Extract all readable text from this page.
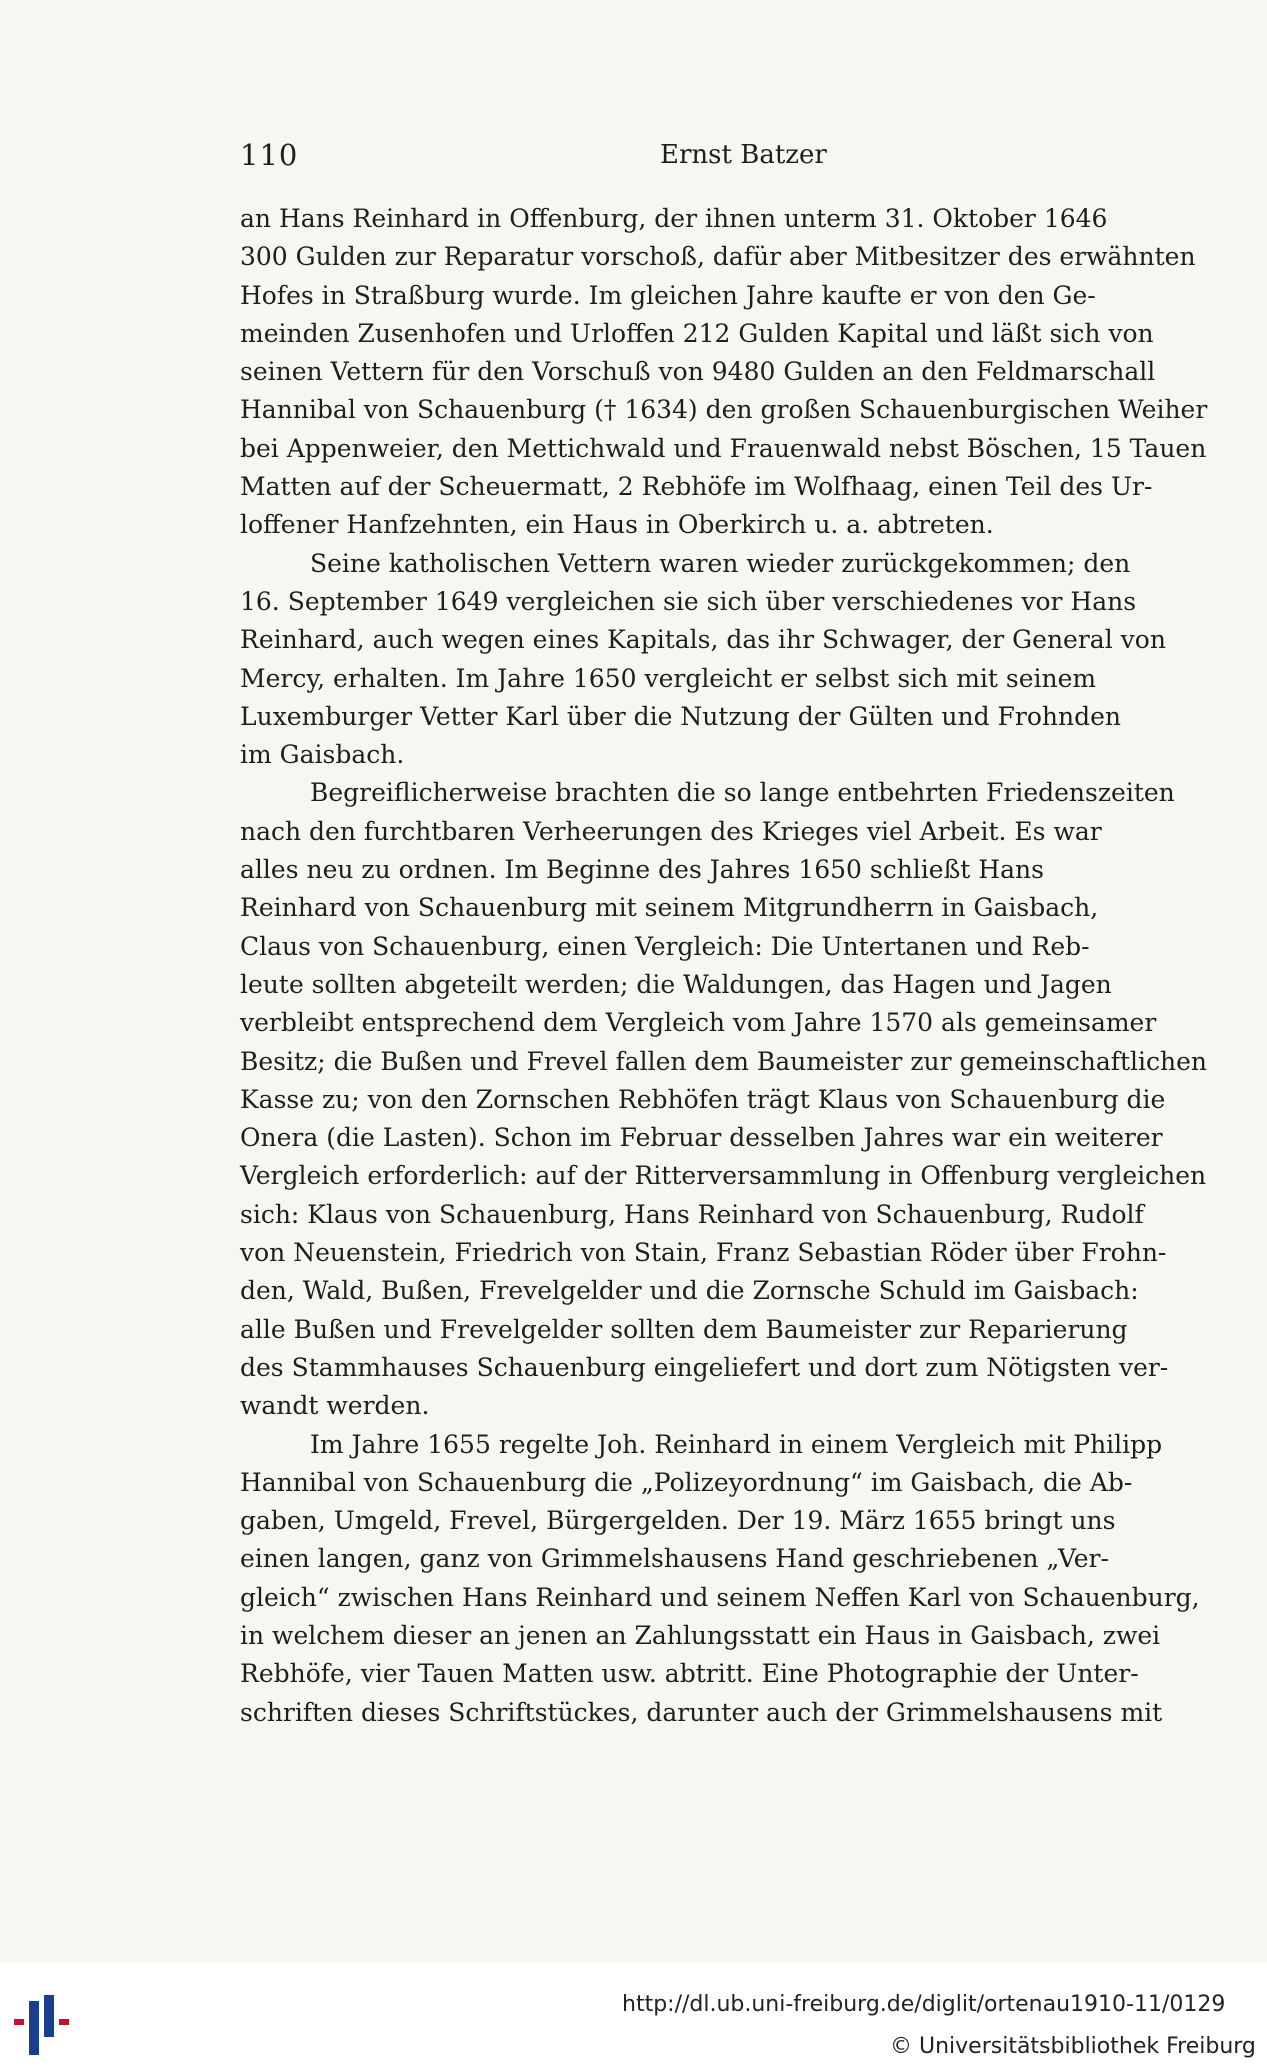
110	Ernst Batzer

an Hans Reinhard in Offenburg, der ihnen unterm 31. Oktober 1646
300 Gulden zur Reparatur vorschoß, dafür aber Mitbesitzer des erwähnten
Hofes in Straßburg wurde. Im gleichen Jahre kaufte er von den Ge-
meinden Zusenhofen und Urloffen 212 Gulden Kapital und läßt sich von
seinen Vettern für den Vorschuß von 9480 Gulden an den Feldmarschall
Hannibal von Schauenburg († 1634) den großen Schauenburgischen Weiher
bei Appenweier, den Mettichwald und Frauenwald nebst Böschen, 15 Tauen
Matten auf der Scheuermatt, 2 Rebhöfe im Wolfhaag, einen Teil des Ur-
loffener Hanfzehnten, ein Haus in Oberkirch u. a. abtreten.

Seine katholischen Vettern waren wieder zurückgekommen; den
16. September 1649 vergleichen sie sich über verschiedenes vor Hans
Reinhard, auch wegen eines Kapitals, das ihr Schwager, der General von
Mercy, erhalten. Im Jahre 1650 vergleicht er selbst sich mit seinem
Luxemburger Vetter Karl über die Nutzung der Gülten und Frohnden
im Gaisbach.

Begreiflicherweise brachten die so lange entbehrten Friedenszeiten
nach den furchtbaren Verheerungen des Krieges viel Arbeit. Es war
alles neu zu ordnen. Im Beginne des Jahres 1650 schließt Hans
Reinhard von Schauenburg mit seinem Mitgrundherrn in Gaisbach,
Claus von Schauenburg, einen Vergleich: Die Untertanen und Reb-
leute sollten abgeteilt werden; die Waldungen, das Hagen und Jagen
verbleibt entsprechend dem Vergleich vom Jahre 1570 als gemeinsamer
Besitz; die Bußen und Frevel fallen dem Baumeister zur gemeinschaftlichen
Kasse zu; von den Zornschen Rebhöfen trägt Klaus von Schauenburg die
Onera (die Lasten). Schon im Februar desselben Jahres war ein weiterer
Vergleich erforderlich: auf der Ritterversammlung in Offenburg vergleichen
sich: Klaus von Schauenburg, Hans Reinhard von Schauenburg, Rudolf
von Neuenstein, Friedrich von Stain, Franz Sebastian Röder über Frohn-
den, Wald, Bußen, Frevelgelder und die Zornsche Schuld im Gaisbach:
alle Bußen und Frevelgelder sollten dem Baumeister zur Reparierung
des Stammhauses Schauenburg eingeliefert und dort zum Nötigsten ver-
wandt werden.

Im Jahre 1655 regelte Joh. Reinhard in einem Vergleich mit Philipp
Hannibal von Schauenburg die „Polizeyordnung“ im Gaisbach, die Ab-
gaben, Umgeld, Frevel, Bürgergelden. Der 19. März 1655 bringt uns
einen langen, ganz von Grimmelshausens Hand geschriebenen „Ver-
gleich“ zwischen Hans Reinhard und seinem Neffen Karl von Schauenburg,
in welchem dieser an jenen an Zahlungsstatt ein Haus in Gaisbach, zwei
Rebhöfe, vier Tauen Matten usw. abtritt. Eine Photographie der Unter-
schriften dieses Schriftstückes, darunter auch der Grimmelshausens mit

http://dl.ub.uni-freiburg.de/diglit/ortenau1910-11/0129
© Universitätsbibliothek Freiburg
